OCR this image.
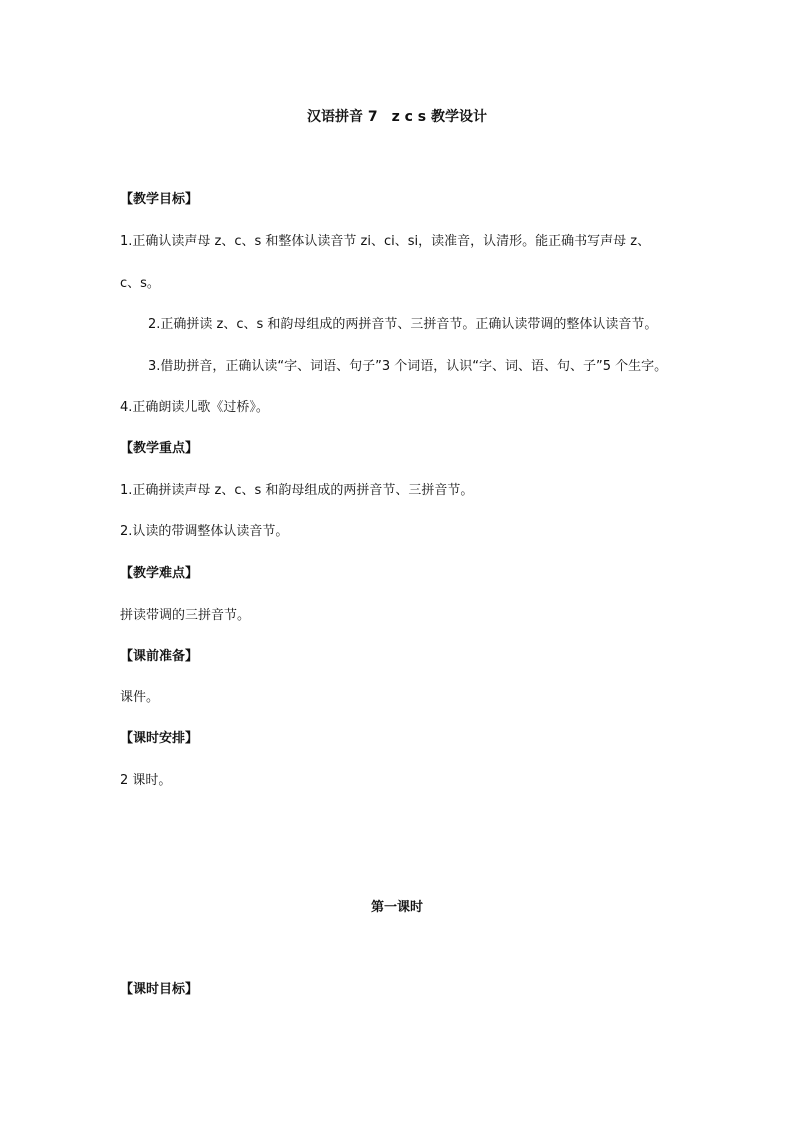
汉语拼音 7　z c s 教学设计
【教学目标】
1.正确认读声母 z、c、s 和整体认读音节 zi、ci、si，读准音，认清形。能正确书写声母 z、
c、s。
2.正确拼读 z、c、s 和韵母组成的两拼音节、三拼音节。正确认读带调的整体认读音节。
3.借助拼音，正确认读“字、词语、句子”3 个词语，认识“字、词、语、句、子”5 个生字。
4.正确朗读儿歌《过桥》。
【教学重点】
1.正确拼读声母 z、c、s 和韵母组成的两拼音节、三拼音节。
2.认读的带调整体认读音节。
【教学难点】
拼读带调的三拼音节。
【课前准备】
课件。
【课时安排】
2 课时。
第一课时
【课时目标】
